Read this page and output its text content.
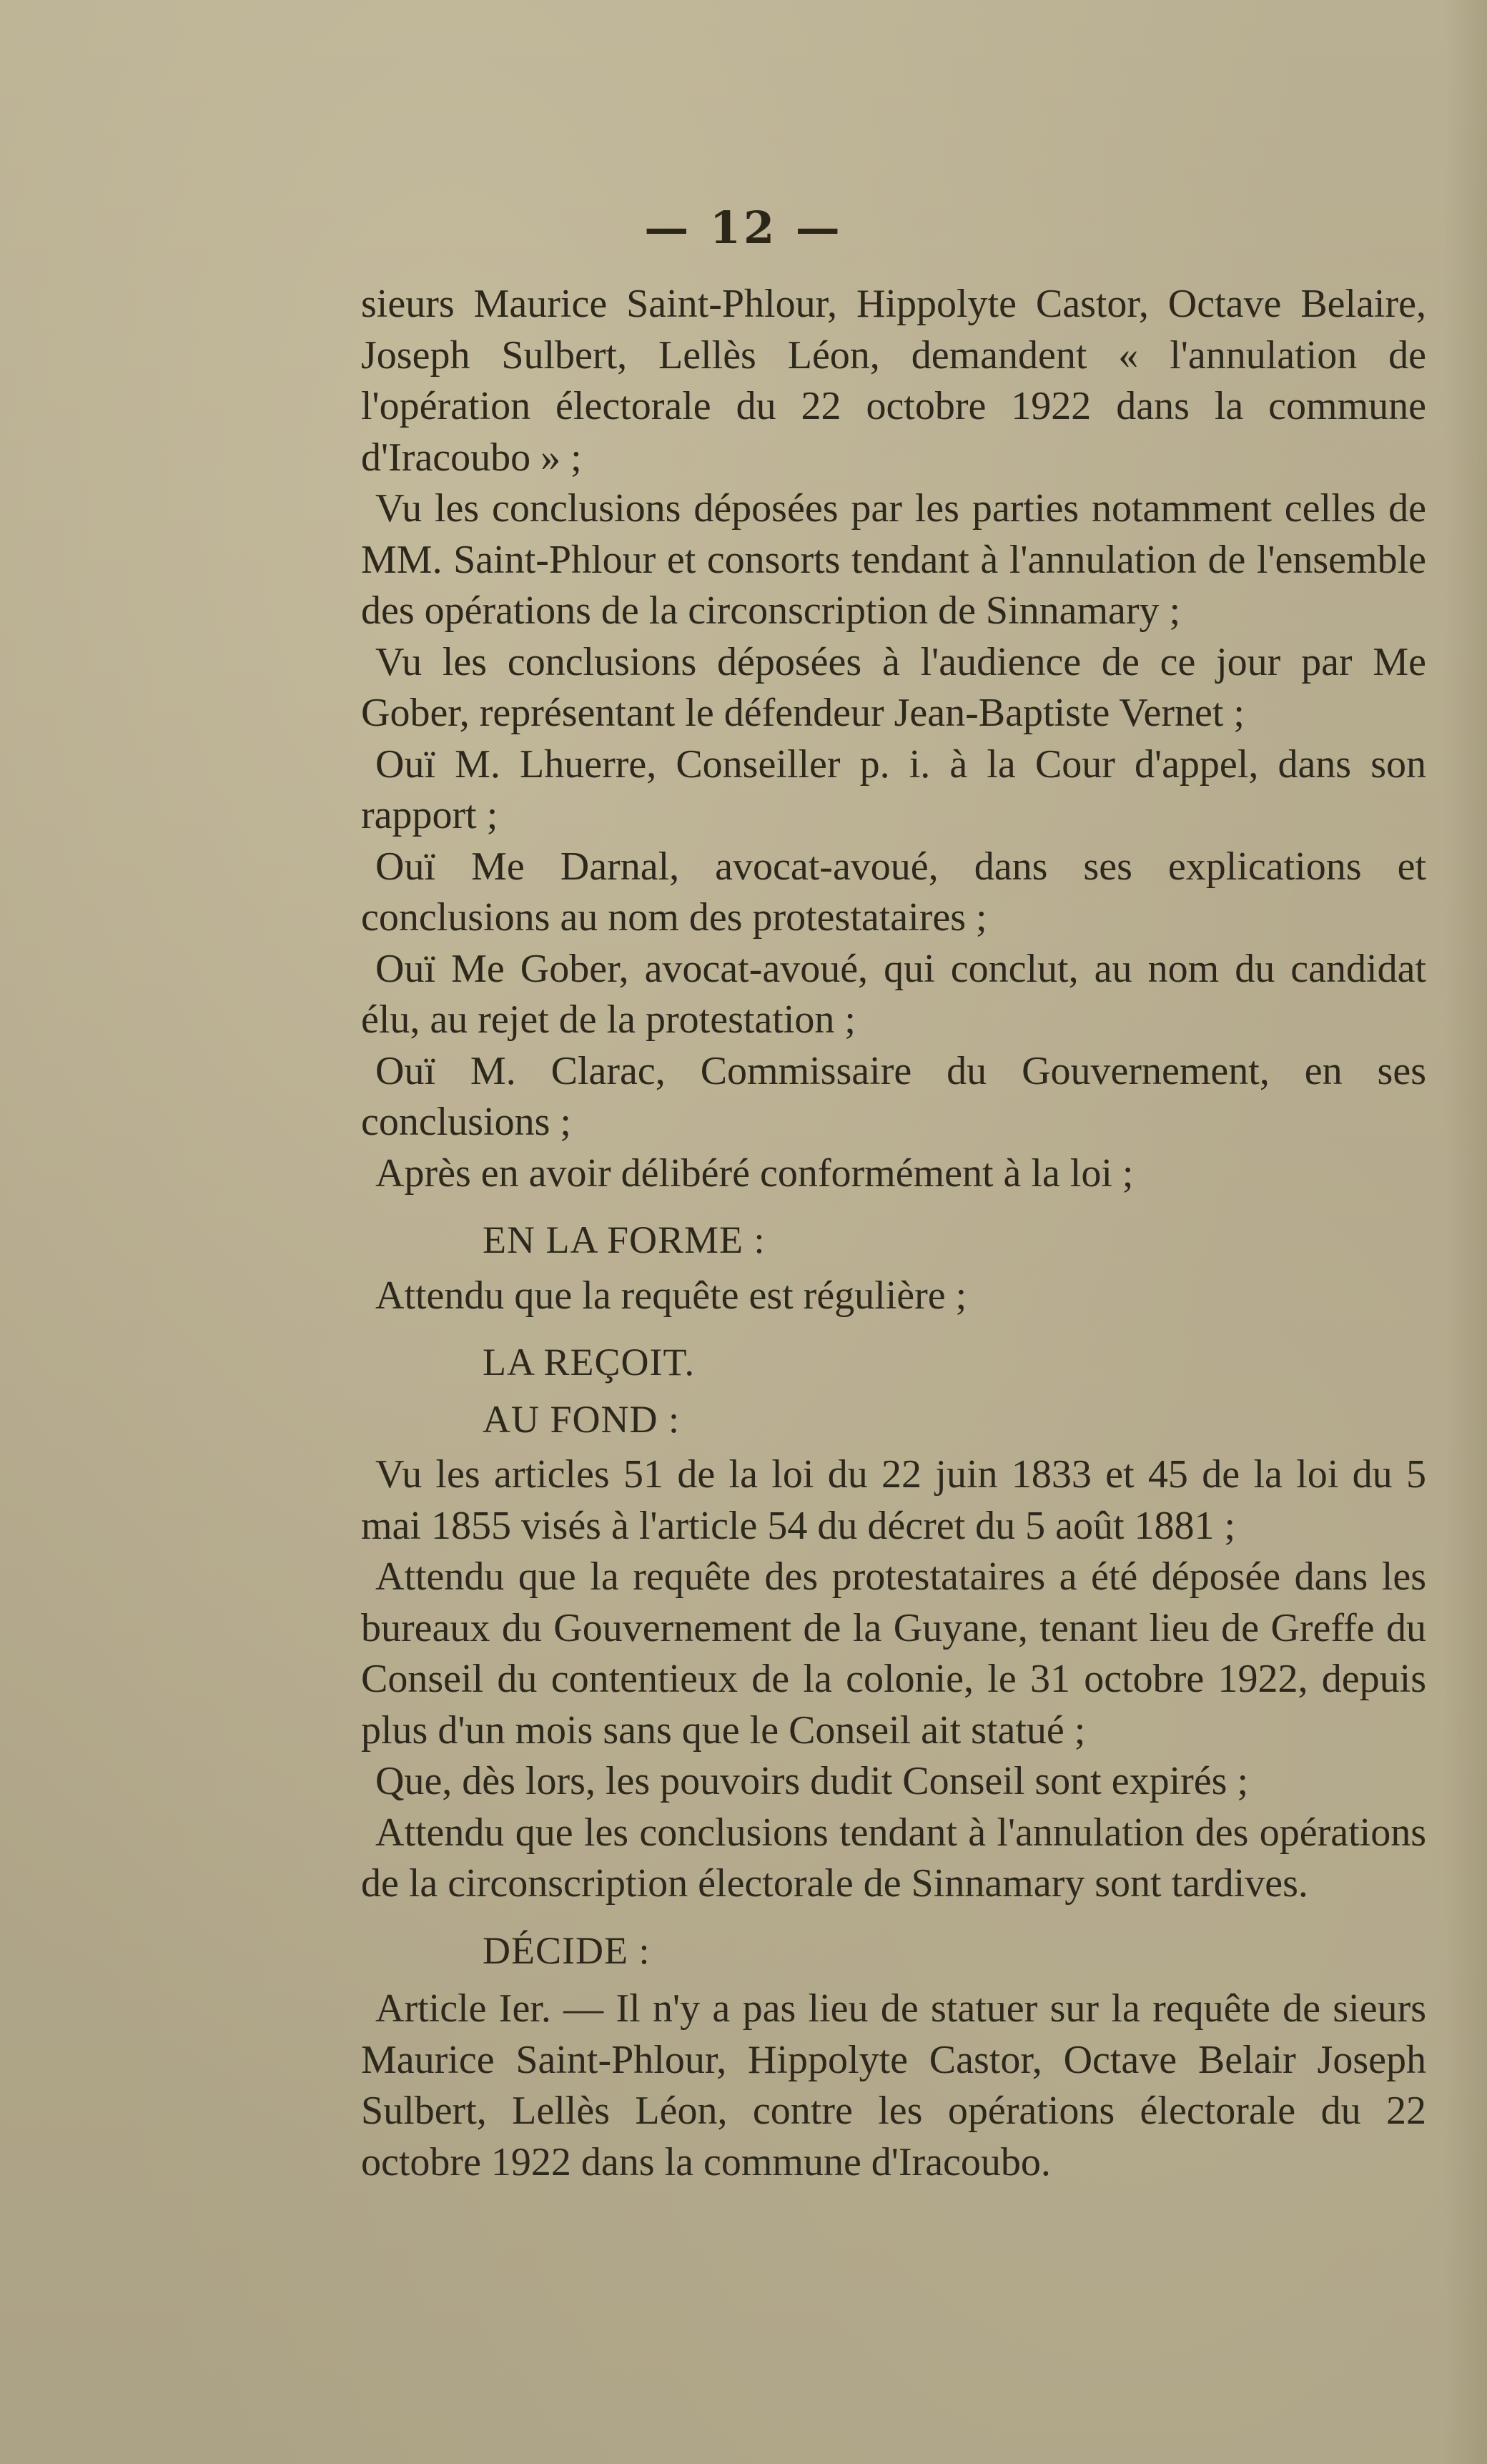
— 12 —

sieurs Maurice Saint-Phlour, Hippolyte Castor, Octave Belaire, Joseph Sulbert, Lellès Léon, demandent « l'annulation de l'opération électorale du 22 octobre 1922 dans la commune d'Iracoubo » ;

Vu les conclusions déposées par les parties notamment celles de MM. Saint-Phlour et consorts tendant à l'annulation de l'ensemble des opérations de la circonscription de Sinnamary ;

Vu les conclusions déposées à l'audience de ce jour par Me Gober, représentant le défendeur Jean-Baptiste Vernet ;

Ouï M. Lhuerre, Conseiller p. i. à la Cour d'appel, dans son rapport ;

Ouï Me Darnal, avocat-avoué, dans ses explications et conclusions au nom des protestataires ;

Ouï Me Gober, avocat-avoué, qui conclut, au nom du candidat élu, au rejet de la protestation ;

Ouï M. Clarac, Commissaire du Gouvernement, en ses conclusions ;

Après en avoir délibéré conformément à la loi ;

EN LA FORME :

Attendu que la requête est régulière ;

LA REÇOIT.

AU FOND :

Vu les articles 51 de la loi du 22 juin 1833 et 45 de la loi du 5 mai 1855 visés à l'article 54 du décret du 5 août 1881 ;

Attendu que la requête des protestataires a été déposée dans les bureaux du Gouvernement de la Guyane, tenant lieu de Greffe du Conseil du contentieux de la colonie, le 31 octobre 1922, depuis plus d'un mois sans que le Conseil ait statué ;

Que, dès lors, les pouvoirs dudit Conseil sont expirés ;

Attendu que les conclusions tendant à l'annulation des opérations de la circonscription électorale de Sinnamary sont tardives.

DÉCIDE :

Article Ier. — Il n'y a pas lieu de statuer sur la requête de sieurs Maurice Saint-Phlour, Hippolyte Castor, Octave Belair Joseph Sulbert, Lellès Léon, contre les opérations électorale du 22 octobre 1922 dans la commune d'Iracoubo.
